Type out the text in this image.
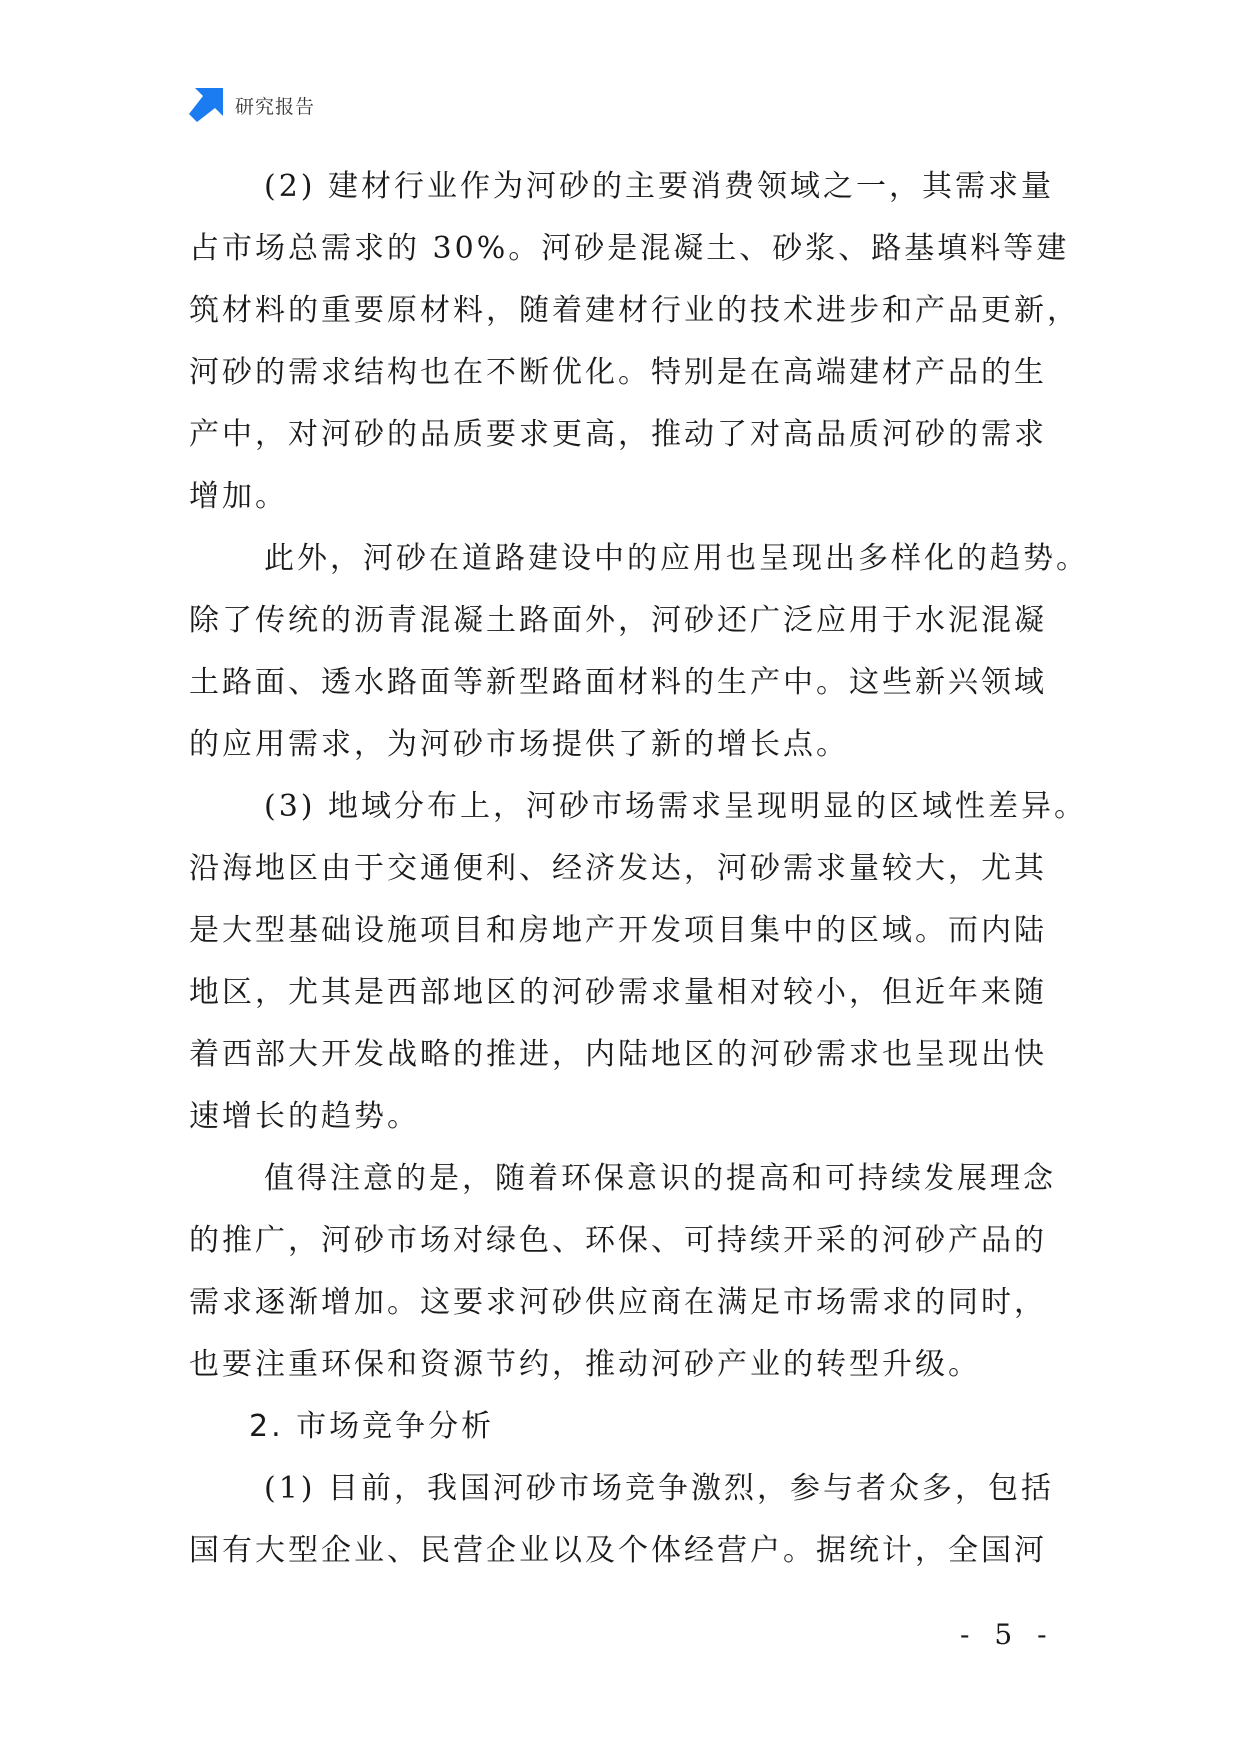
研究报告
(2) 建材行业作为河砂的主要消费领域之一，其需求量
占市场总需求的 30%。河砂是混凝土、砂浆、路基填料等建
筑材料的重要原材料，随着建材行业的技术进步和产品更新，
河砂的需求结构也在不断优化。特别是在高端建材产品的生
产中，对河砂的品质要求更高，推动了对高品质河砂的需求
增加。
此外，河砂在道路建设中的应用也呈现出多样化的趋势。
除了传统的沥青混凝土路面外，河砂还广泛应用于水泥混凝
土路面、透水路面等新型路面材料的生产中。这些新兴领域
的应用需求，为河砂市场提供了新的增长点。
(3) 地域分布上，河砂市场需求呈现明显的区域性差异。
沿海地区由于交通便利、经济发达，河砂需求量较大，尤其
是大型基础设施项目和房地产开发项目集中的区域。而内陆
地区，尤其是西部地区的河砂需求量相对较小，但近年来随
着西部大开发战略的推进，内陆地区的河砂需求也呈现出快
速增长的趋势。
值得注意的是，随着环保意识的提高和可持续发展理念
的推广，河砂市场对绿色、环保、可持续开采的河砂产品的
需求逐渐增加。这要求河砂供应商在满足市场需求的同时，
也要注重环保和资源节约，推动河砂产业的转型升级。
2. 市场竞争分析
(1) 目前，我国河砂市场竞争激烈，参与者众多，包括
国有大型企业、民营企业以及个体经营户。据统计，全国河
- 5 -
